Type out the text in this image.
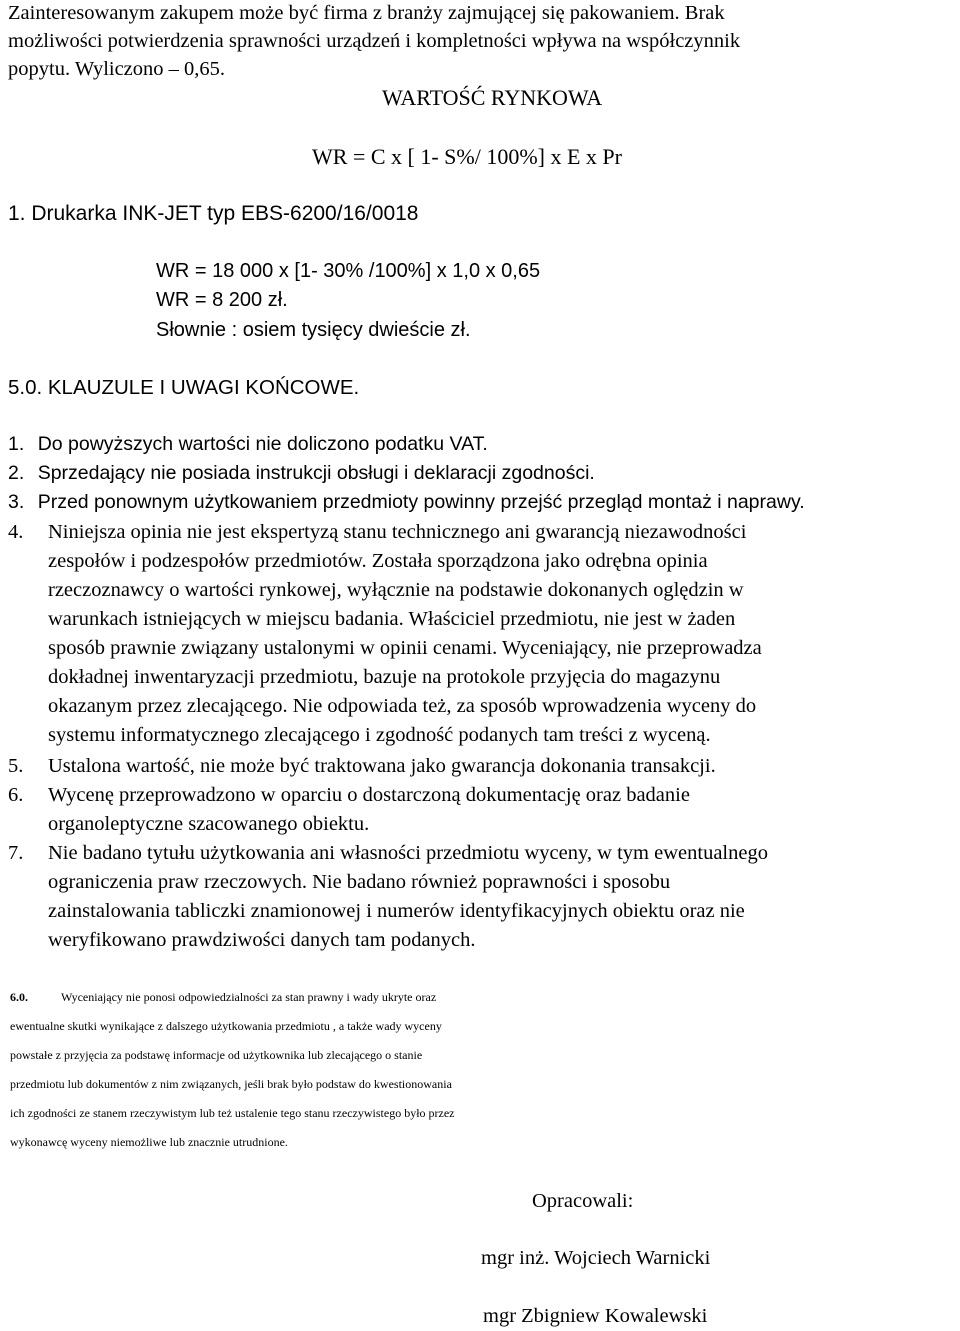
Zainteresowanym zakupem może być firma z branży zajmującej się pakowaniem. Brak
możliwości potwierdzenia sprawności urządzeń i kompletności wpływa na współczynnik
popytu. Wyliczono – 0,65.
WARTOŚĆ RYNKOWA
WR = C x [ 1- S%/ 100%] x E x Pr
1. Drukarka INK-JET typ EBS-6200/16/0018
WR = 18 000 x [1- 30% /100%] x 1,0 x 0,65
WR = 8 200 zł.
Słownie : osiem tysięcy dwieście zł.
5.0. KLAUZULE I UWAGI KOŃCOWE.
1. Do powyższych wartości nie doliczono podatku VAT.
2. Sprzedający nie posiada instrukcji obsługi i deklaracji zgodności.
3. Przed ponownym użytkowaniem przedmioty powinny przejść przegląd montaż i naprawy.
4. Niniejsza opinia nie jest ekspertyzą stanu technicznego ani gwarancją niezawodności
zespołów i podzespołów przedmiotów. Została sporządzona jako odrębna opinia
rzeczoznawcy o wartości rynkowej, wyłącznie na podstawie dokonanych oględzin w
warunkach istniejących w miejscu badania. Właściciel przedmiotu, nie jest w żaden
sposób prawnie związany ustalonymi w opinii cenami. Wyceniający, nie przeprowadza
dokładnej inwentaryzacji przedmiotu, bazuje na protokole przyjęcia do magazynu
okazanym przez zlecającego. Nie odpowiada też, za sposób wprowadzenia wyceny do
systemu informatycznego zlecającego i zgodność podanych tam treści z wyceną.
5. Ustalona wartość, nie może być traktowana jako gwarancja dokonania transakcji.
6. Wycenę przeprowadzono w oparciu o dostarczoną dokumentację oraz badanie
organoleptyczne szacowanego obiektu.
7. Nie badano tytułu użytkowania ani własności przedmiotu wyceny, w tym ewentualnego
ograniczenia praw rzeczowych. Nie badano również poprawności i sposobu
zainstalowania tabliczki znamionowej i numerów identyfikacyjnych obiektu oraz nie
weryfikowano prawdziwości danych tam podanych.
6.0.	Wyceniający nie ponosi odpowiedzialności za stan prawny i wady ukryte oraz
ewentualne skutki wynikające z dalszego użytkowania przedmiotu , a także wady wyceny
powstałe z przyjęcia za podstawę informacje od użytkownika lub zlecającego o stanie
przedmiotu lub dokumentów z nim związanych, jeśli brak było podstaw do kwestionowania
ich zgodności ze stanem rzeczywistym lub też ustalenie tego stanu rzeczywistego było przez
wykonawcę wyceny niemożliwe lub znacznie utrudnione.
Opracowali:
mgr inż. Wojciech Warnicki
mgr Zbigniew Kowalewski
